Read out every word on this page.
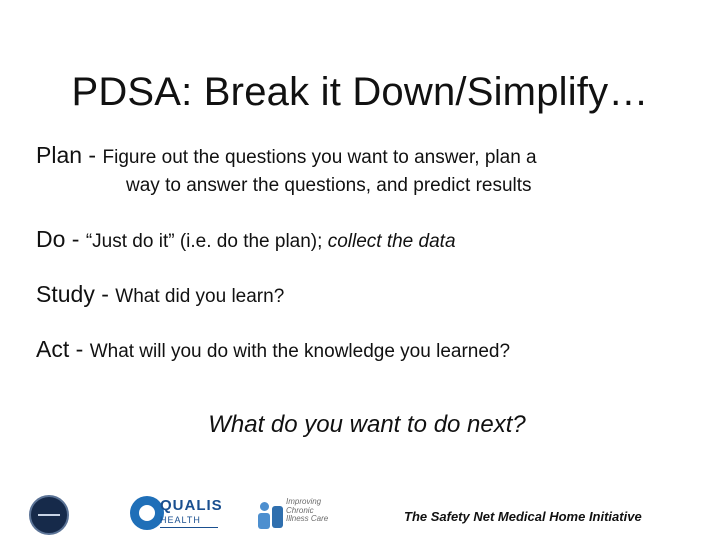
PDSA: Break it Down/Simplify…
Plan - Figure out the questions you want to answer, plan a
way to answer the questions, and predict results
Do - “Just do it” (i.e. do the plan); collect the data
Study - What did you learn?
Act - What will you do with the knowledge you learned?
What do you want to do next?
QUALIS
HEALTH
Improving
Chronic
Illness Care	The Safety Net Medical Home Initiative
